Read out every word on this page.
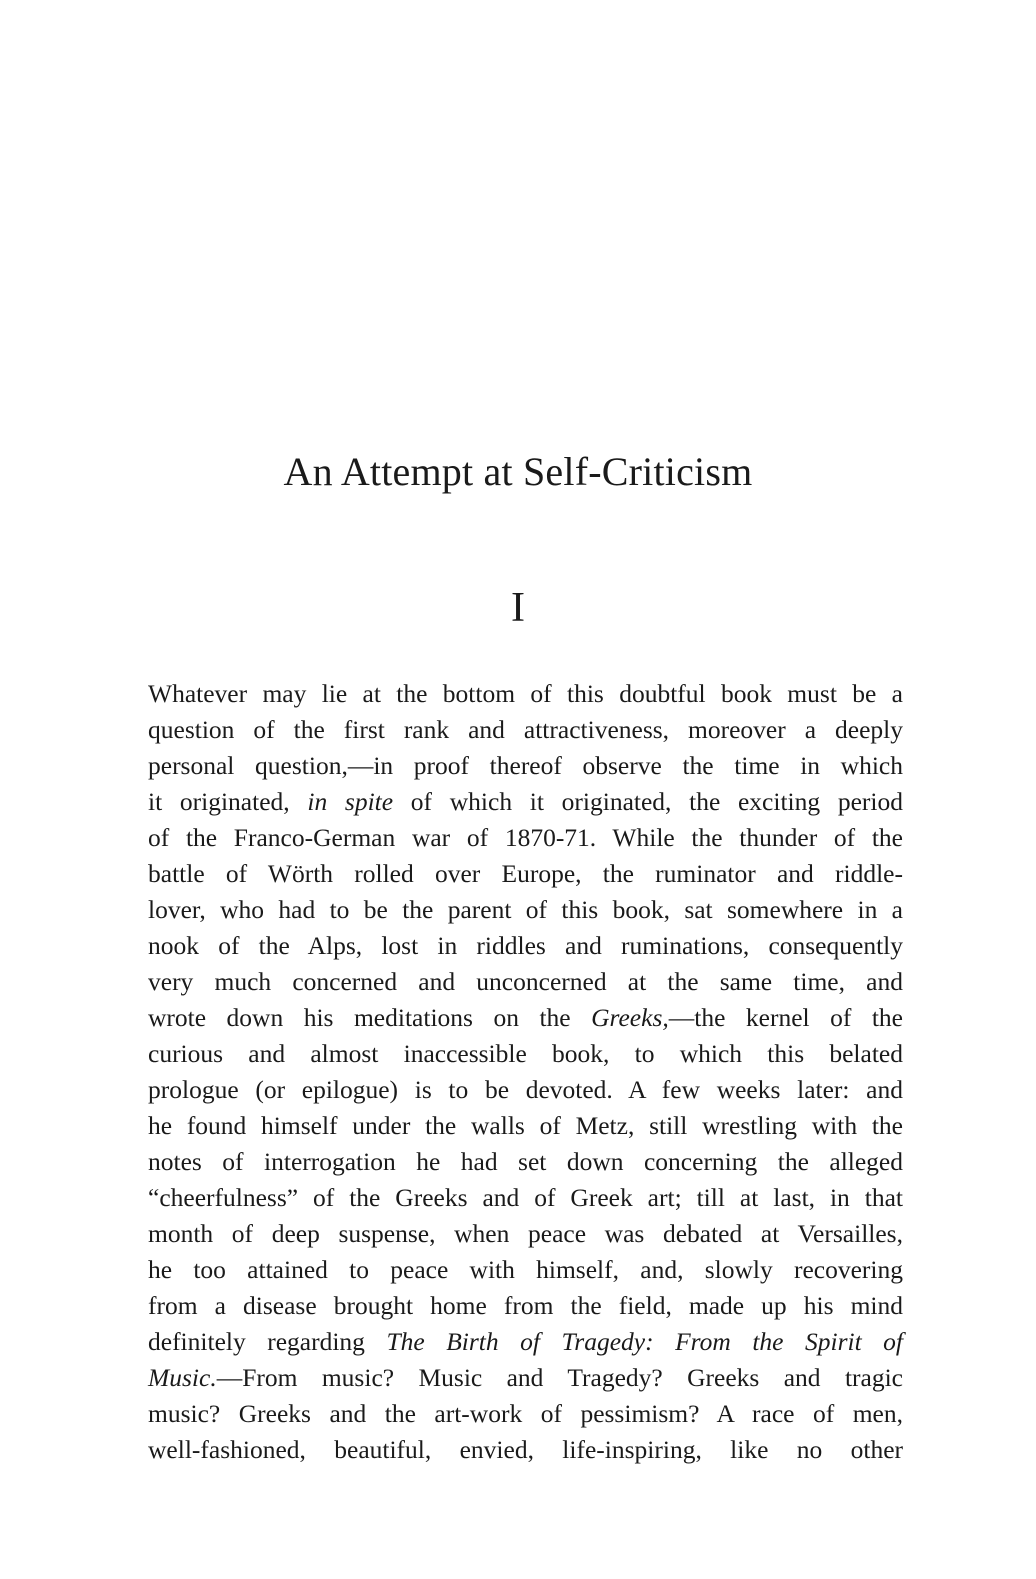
An Attempt at Self-Criticism
I
Whatever may lie at the bottom of this doubtful book must be a
question of the first rank and attractiveness, moreover a deeply
personal question,—in proof thereof observe the time in which
it originated, in spite of which it originated, the exciting period
of the Franco-German war of 1870-71. While the thunder of the
battle of Wörth rolled over Europe, the ruminator and riddle-
lover, who had to be the parent of this book, sat somewhere in a
nook of the Alps, lost in riddles and ruminations, consequently
very much concerned and unconcerned at the same time, and
wrote down his meditations on the Greeks,—the kernel of the
curious and almost inaccessible book, to which this belated
prologue (or epilogue) is to be devoted. A few weeks later: and
he found himself under the walls of Metz, still wrestling with the
notes of interrogation he had set down concerning the alleged
“cheerfulness” of the Greeks and of Greek art; till at last, in that
month of deep suspense, when peace was debated at Versailles,
he too attained to peace with himself, and, slowly recovering
from a disease brought home from the field, made up his mind
definitely regarding The Birth of Tragedy: From the Spirit of
Music.—From music? Music and Tragedy? Greeks and tragic
music? Greeks and the art-work of pessimism? A race of men,
well-fashioned, beautiful, envied, life-inspiring, like no other
